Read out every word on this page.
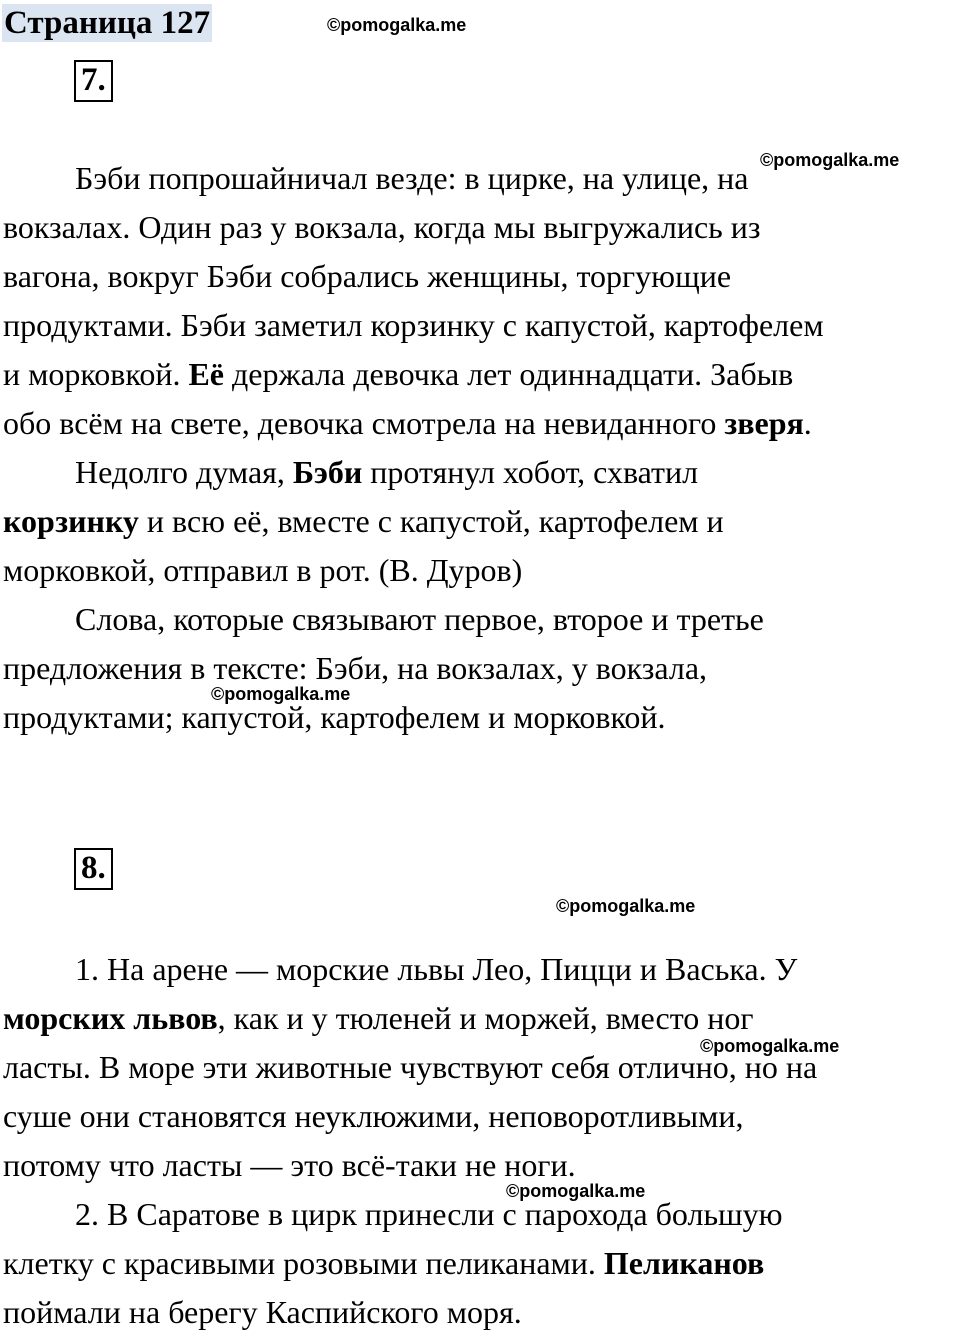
Страница 127	©pomogalka.me
7.
Бэби попрошайничал везде: в цирке, на улице, на
вокзалах. Один раз у вокзала, когда мы выгружались из
вагона, вокруг Бэби собрались женщины, торгующие
продуктами. Бэби заметил корзинку с капустой, картофелем
и морковкой. Её держала девочка лет одиннадцати. Забыв
обо всём на свете, девочка смотрела на невиданного зверя.
Недолго думая, Бэби протянул хобот, схватил
корзинку и всю её, вместе с капустой, картофелем и
морковкой, отправил в рот. (В. Дуров)
Слова, которые связывают первое, второе и третье
предложения в тексте: Бэби, на вокзалах, у вокзала,
продуктами; капустой, картофелем и морковкой.
©pomogalka.me
©pomogalka.me
8.
©pomogalka.me
1. На арене — морские львы Лео, Пицци и Васька. У
морских львов, как и у тюленей и моржей, вместо ног
ласты. В море эти животные чувствуют себя отлично, но на
суше они становятся неуклюжими, неповоротливыми,
потому что ласты — это всё-таки не ноги.
2. В Саратове в цирк принесли с парохода большую
клетку с красивыми розовыми пеликанами. Пеликанов
поймали на берегу Каспийского моря.
©pomogalka.me
©pomogalka.me
